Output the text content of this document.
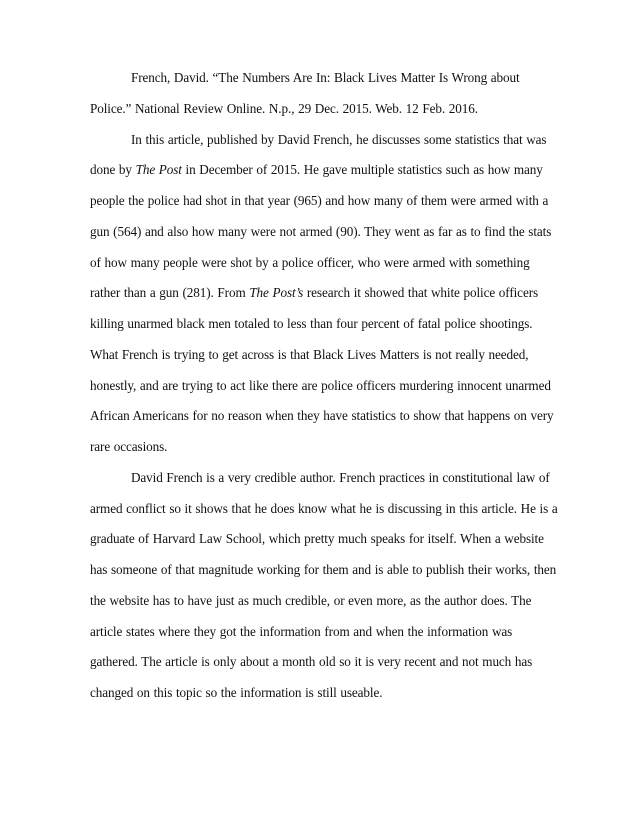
French, David. “The Numbers Are In: Black Lives Matter Is Wrong about
Police.” National Review Online. N.p., 29 Dec. 2015. Web. 12 Feb. 2016.
In this article, published by David French, he discusses some statistics that was
done by The Post in December of 2015. He gave multiple statistics such as how many
people the police had shot in that year (965) and how many of them were armed with a
gun (564) and also how many were not armed (90). They went as far as to find the stats
of how many people were shot by a police officer, who were armed with something
rather than a gun (281). From The Post’s research it showed that white police officers
killing unarmed black men totaled to less than four percent of fatal police shootings.
What French is trying to get across is that Black Lives Matters is not really needed,
honestly, and are trying to act like there are police officers murdering innocent unarmed
African Americans for no reason when they have statistics to show that happens on very
rare occasions.
David French is a very credible author. French practices in constitutional law of
armed conflict so it shows that he does know what he is discussing in this article. He is a
graduate of Harvard Law School, which pretty much speaks for itself. When a website
has someone of that magnitude working for them and is able to publish their works, then
the website has to have just as much credible, or even more, as the author does. The
article states where they got the information from and when the information was
gathered. The article is only about a month old so it is very recent and not much has
changed on this topic so the information is still useable.
